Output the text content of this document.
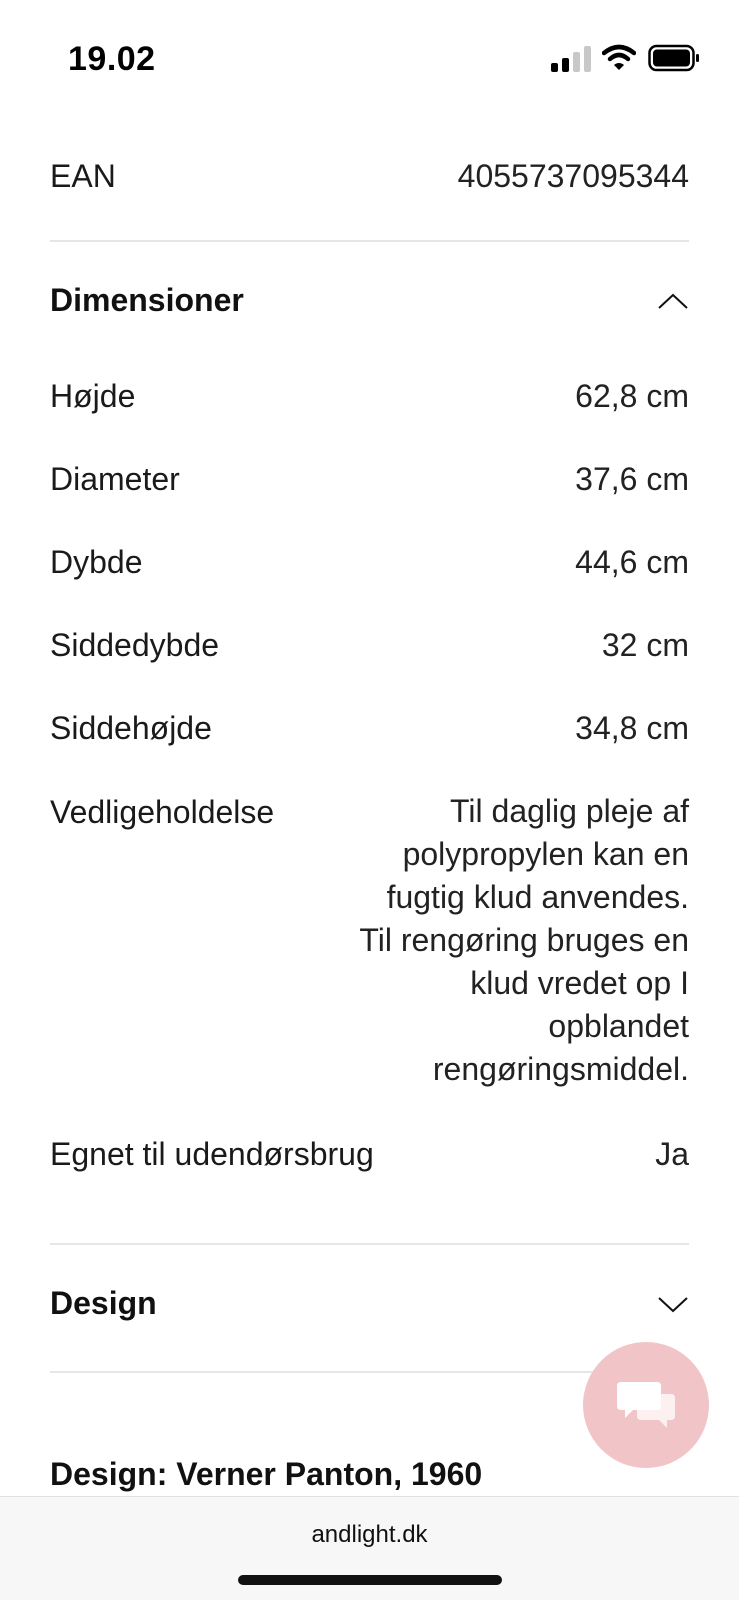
19.02
EAN	4055737095344
Dimensioner
Højde	62,8 cm
Diameter	37,6 cm
Dybde	44,6 cm
Siddedybde	32 cm
Siddehøjde	34,8 cm
Vedligeholdelse	Til daglig pleje af polypropylen kan en fugtig klud anvendes. Til rengøring bruges en klud vredet op I opblandet rengøringsmiddel.
Egnet til udendørsbrug	Ja
Design
Design: Verner Panton, 1960
andlight.dk
